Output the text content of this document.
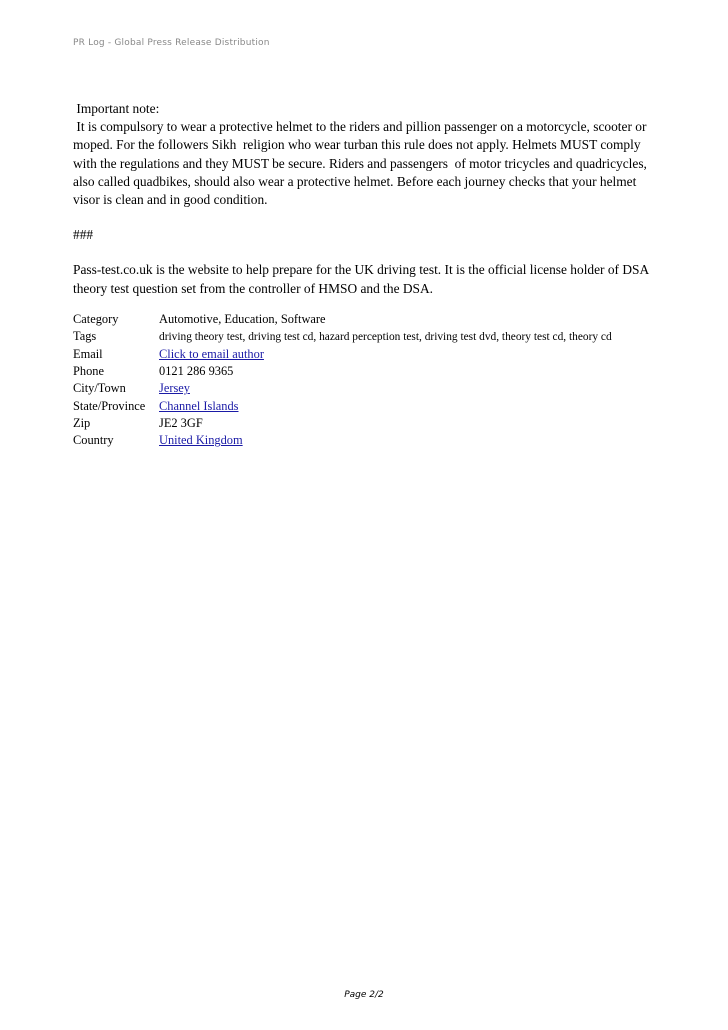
PR Log - Global Press Release Distribution

Important note:

It is compulsory to wear a protective helmet to the riders and pillion passenger on a motorcycle, scooter or moped. For the followers Sikh  religion who wear turban this rule does not apply. Helmets MUST comply with the regulations and they MUST be secure. Riders and passengers  of motor tricycles and quadricycles, also called quadbikes, should also wear a protective helmet. Before each journey checks that your helmet visor is clean and in good condition.

###

Pass-test.co.uk is the website to help prepare for the UK driving test. It is the official license holder of DSA theory test question set from the controller of HMSO and the DSA.

Category	Automotive, Education, Software
Tags	driving theory test, driving test cd, hazard perception test, driving test dvd, theory test cd, theory cd
Email	Click to email author
Phone	0121 286 9365
City/Town	Jersey
State/Province	Channel Islands
Zip	JE2 3GF
Country	United Kingdom
Page 2/2
